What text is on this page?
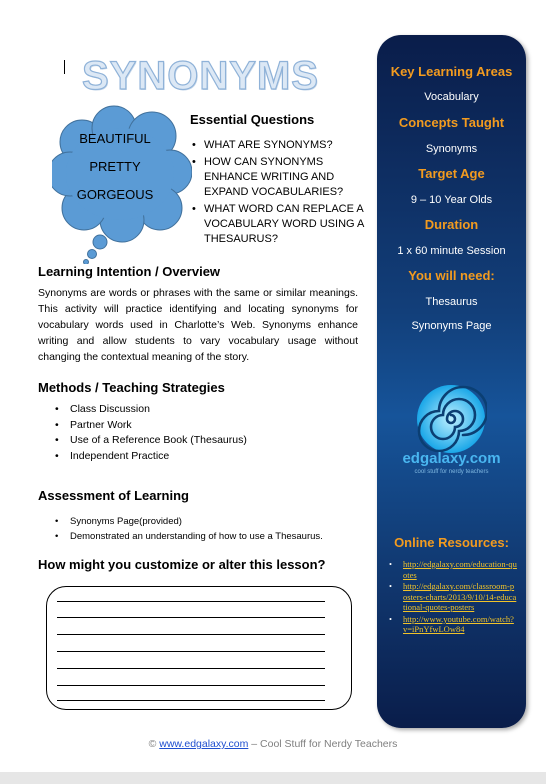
SYNONYMS
BEAUTIFUL
PRETTY
GORGEOUS
Essential Questions
• WHAT ARE SYNONYMS?
• HOW CAN SYNONYMS ENHANCE WRITING AND EXPAND VOCABULARIES?
• WHAT WORD CAN REPLACE A VOCABULARY WORD USING A THESAURUS?
Learning Intention / Overview
Synonyms are words or phrases with the same or similar meanings. This activity will practice identifying and locating synonyms for vocabulary words used in Charlotte’s Web. Synonyms enhance writing and allow students to vary vocabulary usage without changing the contextual meaning of the story.
Methods / Teaching Strategies
• Class Discussion
• Partner Work
• Use of a Reference Book (Thesaurus)
• Independent Practice
Assessment of Learning
• Synonyms Page(provided)
• Demonstrated an understanding of how to use a Thesaurus.
How might you customize or alter this lesson?
© www.edgalaxy.com – Cool Stuff for Nerdy Teachers
Key Learning Areas
Vocabulary
Concepts Taught
Synonyms
Target Age
9 – 10 Year Olds
Duration
1 x 60 minute Session
You will need:
Thesaurus
Synonyms Page
edgalaxy.com
cool stuff for nerdy teachers
Online Resources:
• http://edgalaxy.com/education-quotes
• http://edgalaxy.com/classroom-posters-charts/2013/9/10/14-educational-quotes-posters
• http://www.youtube.com/watch?v=iPnYfwLOw84
